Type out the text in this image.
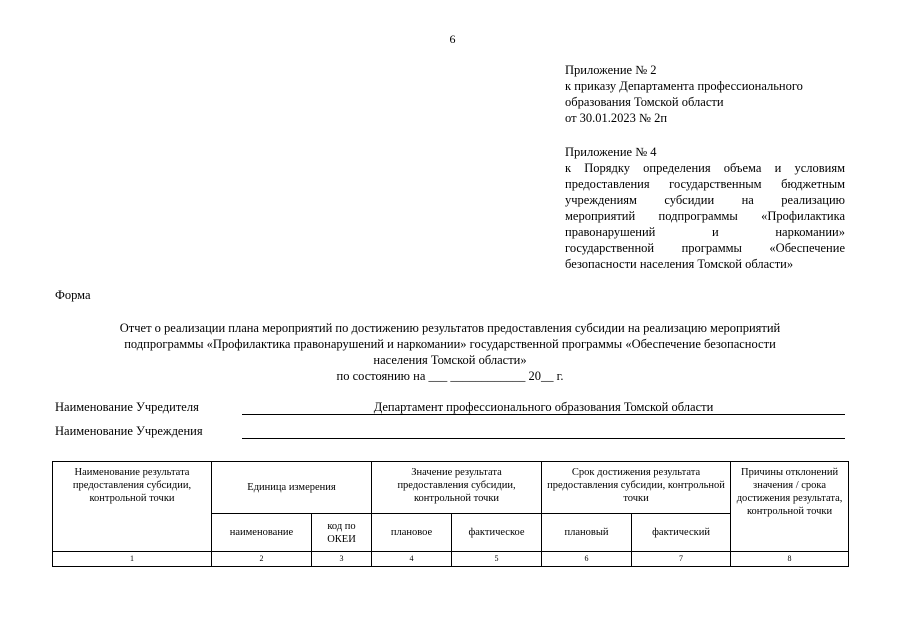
6
Приложение № 2
к приказу Департамента профессионального
образования Томской области
от 30.01.2023 № 2п
Приложение № 4
к Порядку определения объема и условиям
предоставления государственным бюджетным
учреждениям субсидии на реализацию
мероприятий подпрограммы «Профилактика
правонарушений и наркомании»
государственной программы «Обеспечение
безопасности населения Томской области»
Форма
Отчет о реализации плана мероприятий по достижению результатов предоставления субсидии на реализацию мероприятий
подпрограммы «Профилактика правонарушений и наркомании» государственной программы «Обеспечение безопасности
населения Томской области»
по состоянию на ___ ____________ 20__ г.
Наименование Учредителя	Департамент профессионального образования Томской области
Наименование Учреждения
Наименование результата предоставления субсидии, контрольной точки	Единица измерения		Значение результата предоставления субсидии, контрольной точки		Срок достижения результата предоставления субсидии, контрольной точки		Причины отклонений значения / срока достижения результата, контрольной точки
	наименование	код по ОКЕИ	плановое	фактическое	плановый	фактический	
1	2	3	4	5	6	7	8
